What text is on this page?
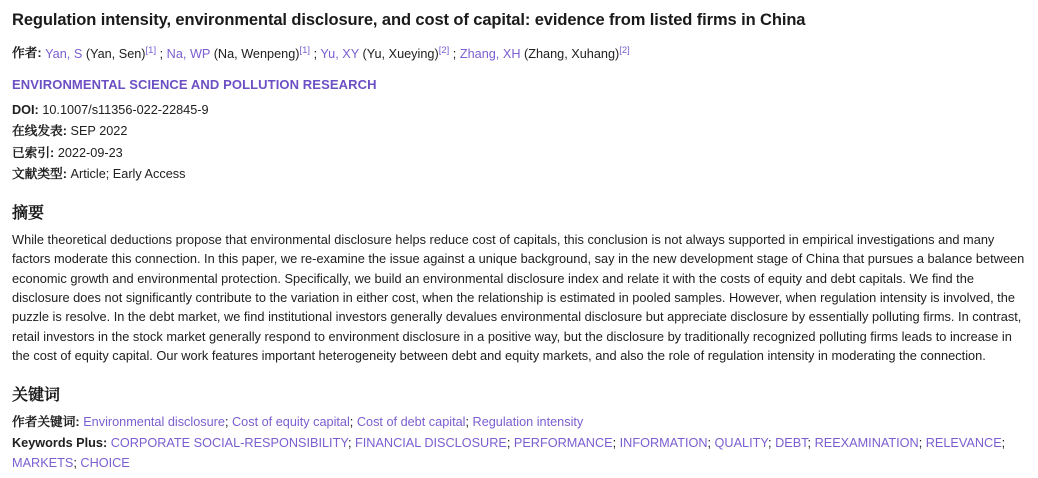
Regulation intensity, environmental disclosure, and cost of capital: evidence from listed firms in China
作者: Yan, S (Yan, Sen)[1] ; Na, WP (Na, Wenpeng)[1] ; Yu, XY (Yu, Xueying)[2] ; Zhang, XH (Zhang, Xuhang)[2]
ENVIRONMENTAL SCIENCE AND POLLUTION RESEARCH
DOI: 10.1007/s11356-022-22845-9
在线发表: SEP 2022
已索引: 2022-09-23
文献类型: Article; Early Access
摘要
While theoretical deductions propose that environmental disclosure helps reduce cost of capitals, this conclusion is not always supported in empirical investigations and many factors moderate this connection. In this paper, we re-examine the issue against a unique background, say in the new development stage of China that pursues a balance between economic growth and environmental protection. Specifically, we build an environmental disclosure index and relate it with the costs of equity and debt capitals. We find the disclosure does not significantly contribute to the variation in either cost, when the relationship is estimated in pooled samples. However, when regulation intensity is involved, the puzzle is resolve. In the debt market, we find institutional investors generally devalues environmental disclosure but appreciate disclosure by essentially polluting firms. In contrast, retail investors in the stock market generally respond to environment disclosure in a positive way, but the disclosure by traditionally recognized polluting firms leads to increase in the cost of equity capital. Our work features important heterogeneity between debt and equity markets, and also the role of regulation intensity in moderating the connection.
关键词
作者关键词: Environmental disclosure; Cost of equity capital; Cost of debt capital; Regulation intensity
Keywords Plus: CORPORATE SOCIAL-RESPONSIBILITY; FINANCIAL DISCLOSURE; PERFORMANCE; INFORMATION; QUALITY; DEBT; REEXAMINATION; RELEVANCE; MARKETS; CHOICE
